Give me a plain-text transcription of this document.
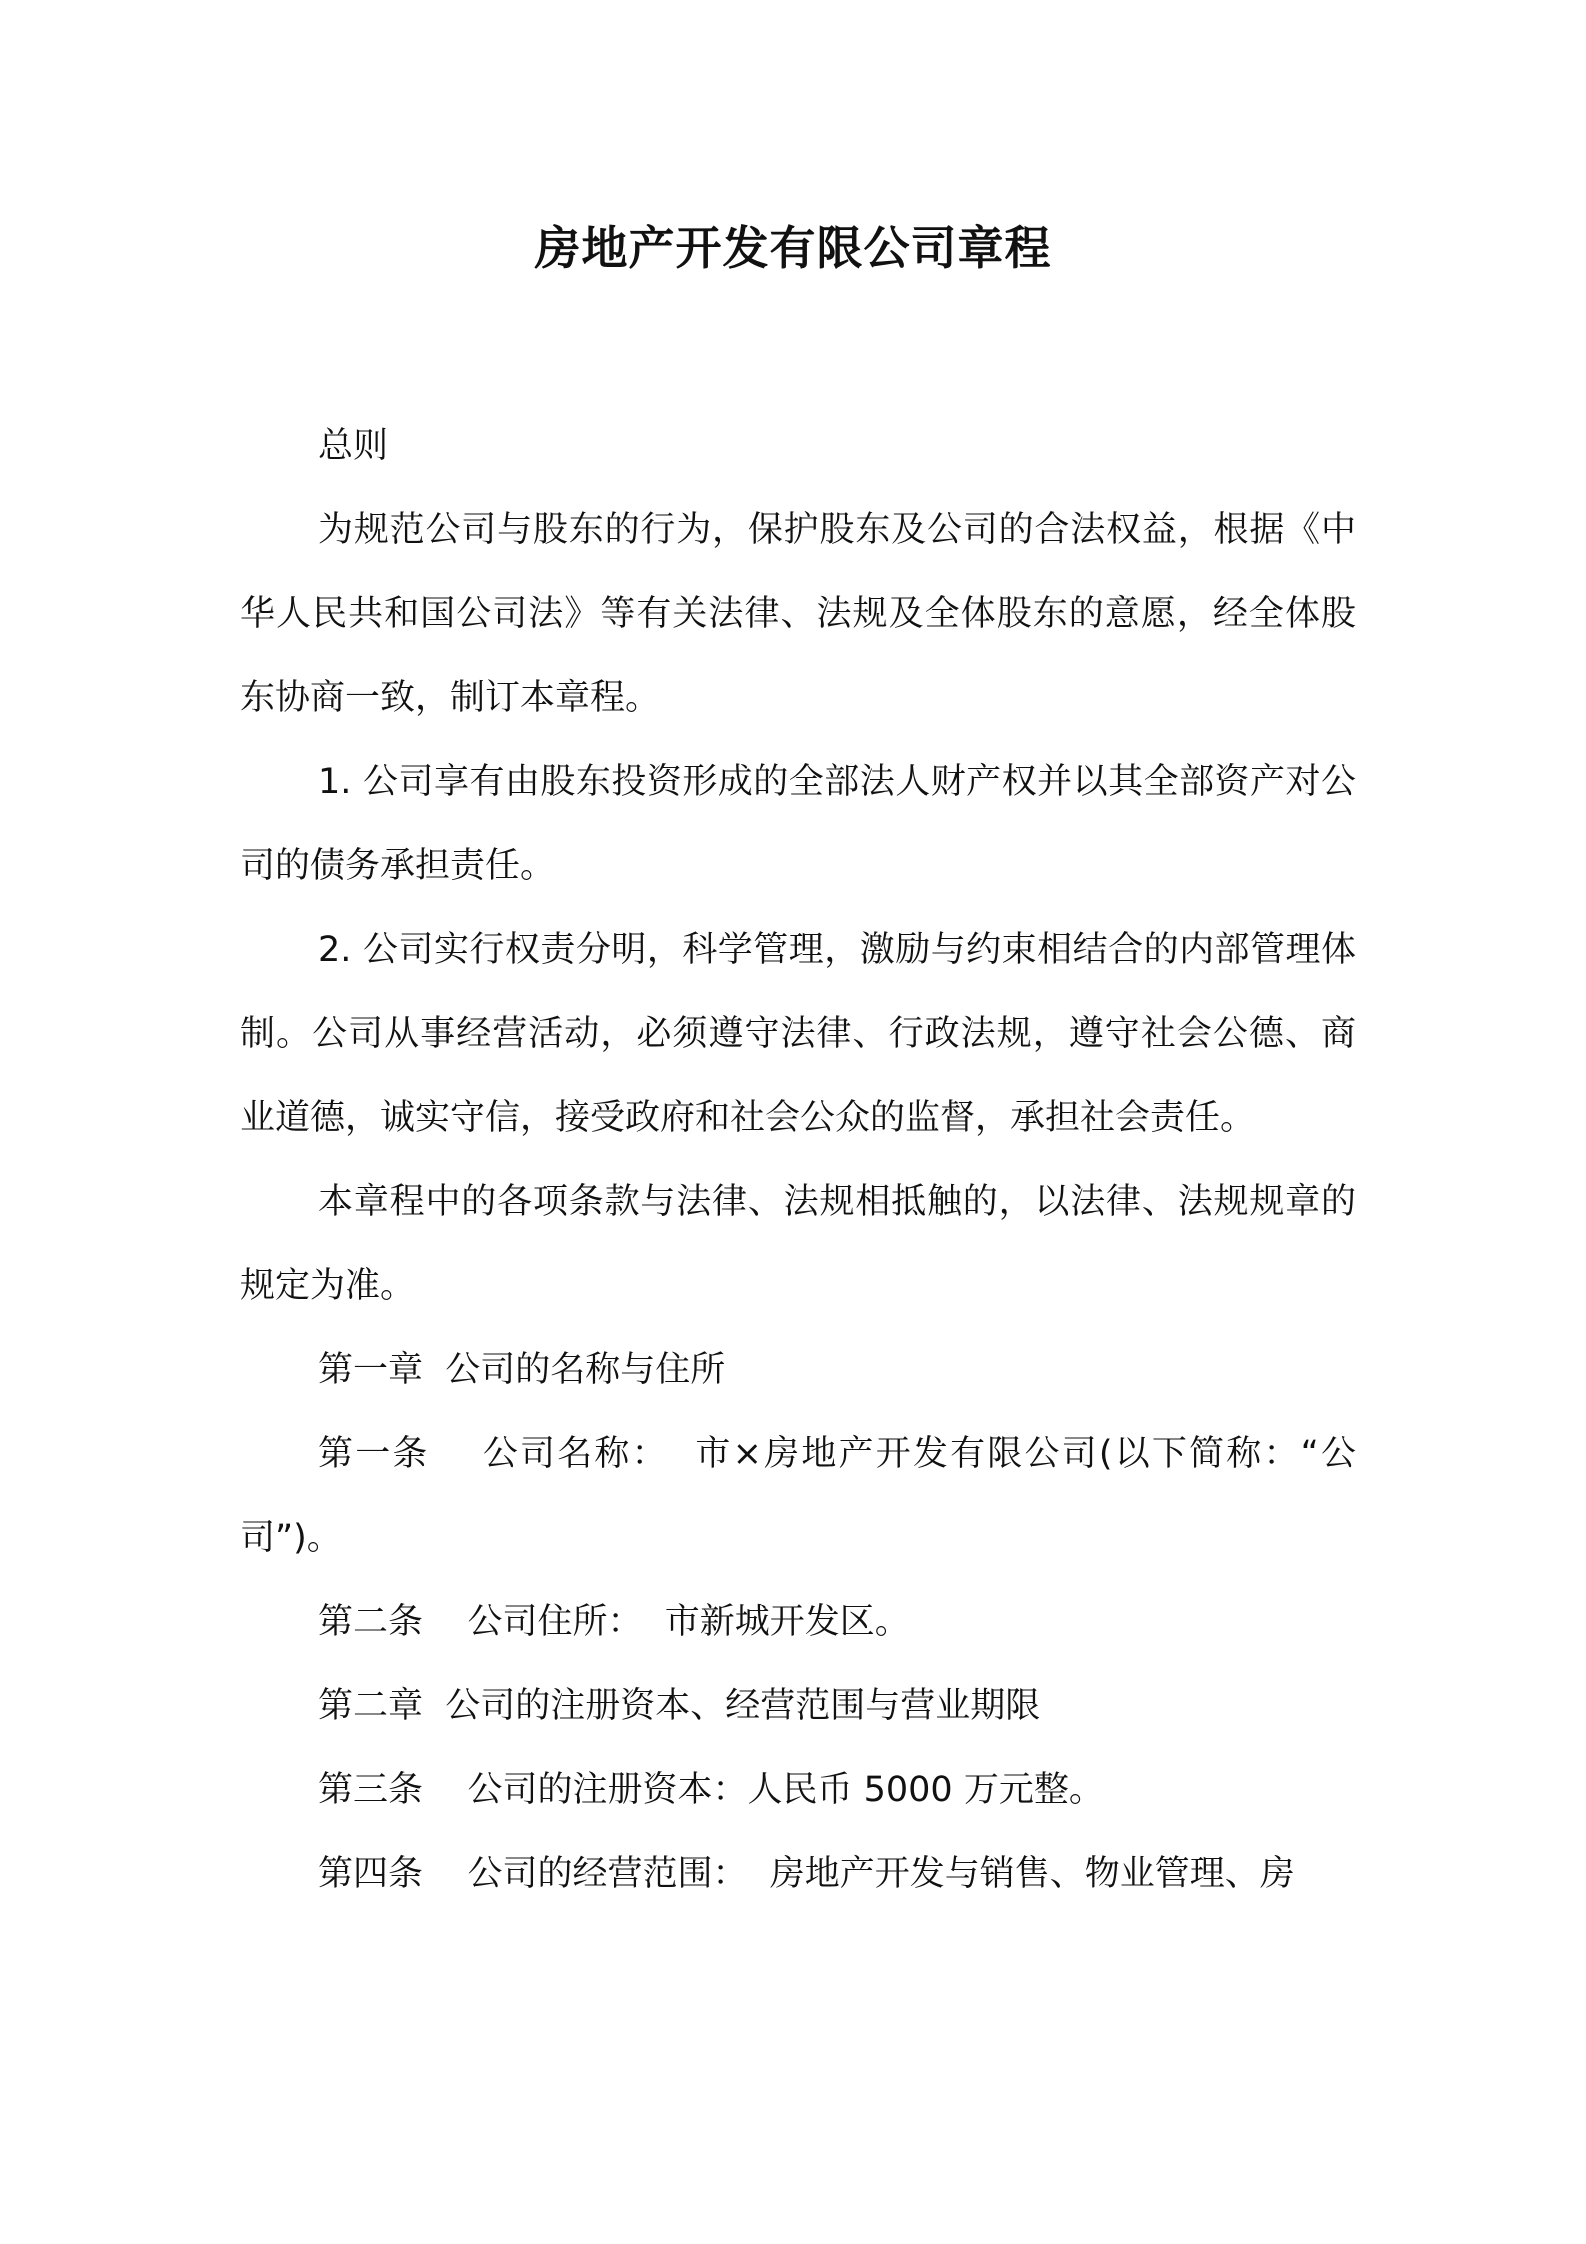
房地产开发有限公司章程

总则

为规范公司与股东的行为，保护股东及公司的合法权益，根据《中华人民共和国公司法》等有关法律、法规及全体股东的意愿，经全体股东协商一致，制订本章程。

1. 公司享有由股东投资形成的全部法人财产权并以其全部资产对公司的债务承担责任。

2. 公司实行权责分明，科学管理，激励与约束相结合的内部管理体制。公司从事经营活动，必须遵守法律、行政法规，遵守社会公德、商业道德，诚实守信，接受政府和社会公众的监督，承担社会责任。

本章程中的各项条款与法律、法规相抵触的，以法律、法规规章的规定为准。

第一章  公司的名称与住所

第一条    公司名称：  市×房地产开发有限公司(以下简称：“公司”)。

第二条    公司住所：  市新城开发区。

第二章  公司的注册资本、经营范围与营业期限

第三条    公司的注册资本：人民币 5000 万元整。

第四条    公司的经营范围：  房地产开发与销售、物业管理、房
